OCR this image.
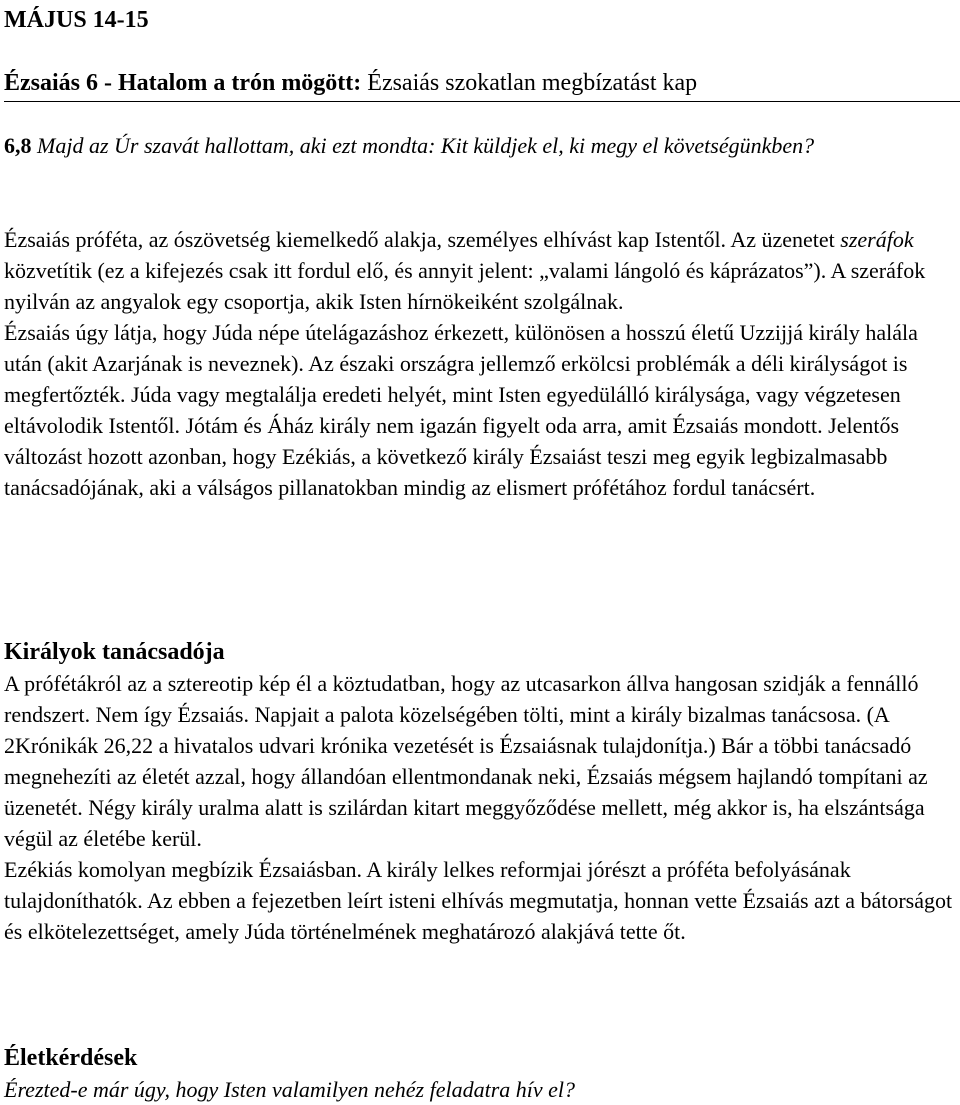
MÁJUS 14-15
Ézsaiás 6 - Hatalom a trón mögött: Ézsaiás szokatlan megbízatást kap
6,8 Majd az Úr szavát hallottam, aki ezt mondta: Kit küldjek el, ki megy el követségünkben?

Ézsaiás próféta, az ószövetség kiemelkedő alakja, személyes elhívást kap Istentől. Az üzenetet szeráfok közvetítik (ez a kifejezés csak itt fordul elő, és annyit jelent: „valami lángoló és káprázatos”). A szeráfok nyilván az angyalok egy csoportja, akik Isten hírnökeiként szolgálnak.

Ézsaiás úgy látja, hogy Júda népe útelágazáshoz érkezett, különösen a hosszú életű Uzzijjá király halála után (akit Azarjának is neveznek). Az északi országra jellemző erkölcsi problémák a déli királyságot is megfertőzték. Júda vagy megtalálja eredeti helyét, mint Isten egyedülálló királysága, vagy végzetesen eltávolodik Istentől. Jótám és Áház király nem igazán figyelt oda arra, amit Ézsaiás mondott. Jelentős változást hozott azonban, hogy Ezékiás, a következő király Ézsaiást teszi meg egyik legbizalmasabb tanácsadójának, aki a válságos pillanatokban mindig az elismert prófétához fordul tanácsért.

Királyok tanácsadója

A prófétákról az a sztereotip kép él a köztudatban, hogy az utcasarkon állva hangosan szidják a fennálló rendszert. Nem így Ézsaiás. Napjait a palota közelségében tölti, mint a király bizalmas tanácsosa. (A 2Krónikák 26,22 a hivatalos udvari krónika vezetését is Ézsaiásnak tulajdonítja.) Bár a többi tanácsadó megnehezíti az életét azzal, hogy állandóan ellentmondanak neki, Ézsaiás mégsem hajlandó tompítani az üzenetét. Négy király uralma alatt is szilárdan kitart meggyőződése mellett, még akkor is, ha elszántsága végül az életébe kerül.

Ezékiás komolyan megbízik Ézsaiásban. A király lelkes reformjai jórészt a próféta befolyásának tulajdoníthatók. Az ebben a fejezetben leírt isteni elhívás megmutatja, honnan vette Ézsaiás azt a bátorságot és elkötelezettséget, amely Júda történelmének meghatározó alakjává tette őt.

Életkérdések

Érezted-e már úgy, hogy Isten valamilyen nehéz feladatra hív el?
